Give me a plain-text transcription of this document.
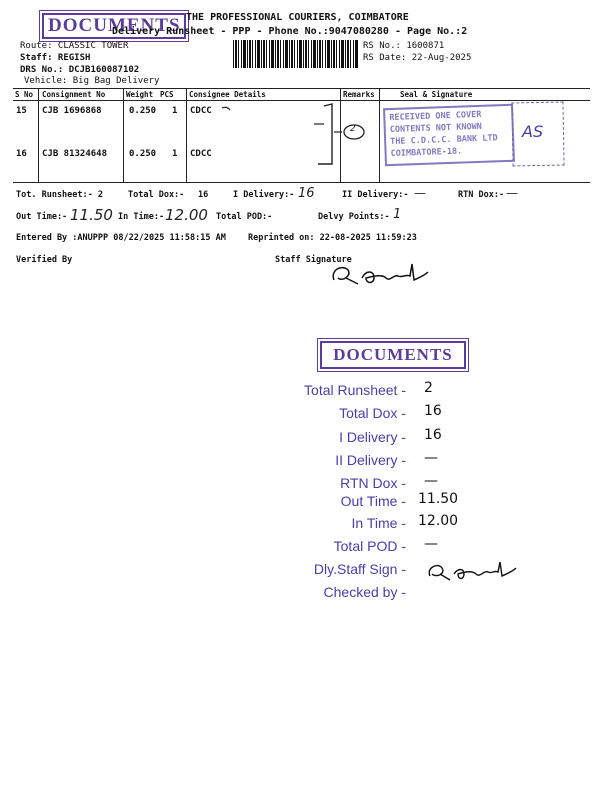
DOCUMENTS THE PROFESSIONAL COURIERS, COIMBATORE
Delivery Runsheet - PPP - Phone No.:9047080280 - Page No.:2
Route: CLASSIC TOWER
Staff: REGISH
DRS No.: DCJB160087102
Vehicle: Big Bag Delivery
RS No.: 1600871
RS Date: 22-Aug-2025
S No Consignment No	Weight PCS Consignee Details	Remarks	Seal & Signature
15 CJB 1696868	0.250 1 CDCC
16 CJB 81324648 0.250 1 CDCC
2
RECEIVED ONE COVER
CONTENTS NOT KNOWN
THE C.D.C.C. BANK LTD
COIMBATORE-18.
AS
Tot. Runsheet:- 2	Total Dox:- 16	I Delivery:- 16	II Delivery:- —	RTN Dox:- —
Out Time:- 11.50 In Time:- 12.00 Total POD:-	Delvy Points:- 1
Entered By :ANUPPP 08/22/2025 11:58:15 AM	Reprinted on: 22-08-2025 11:59:23
Verified By	Staff Signature
DOCUMENTS
Total Runsheet - 2
Total Dox - 16
I Delivery - 16
II Delivery - —
RTN Dox - —
Out Time - 11.50
In Time - 12.00
Total POD - —
Dly.Staff Sign -
Checked by -
